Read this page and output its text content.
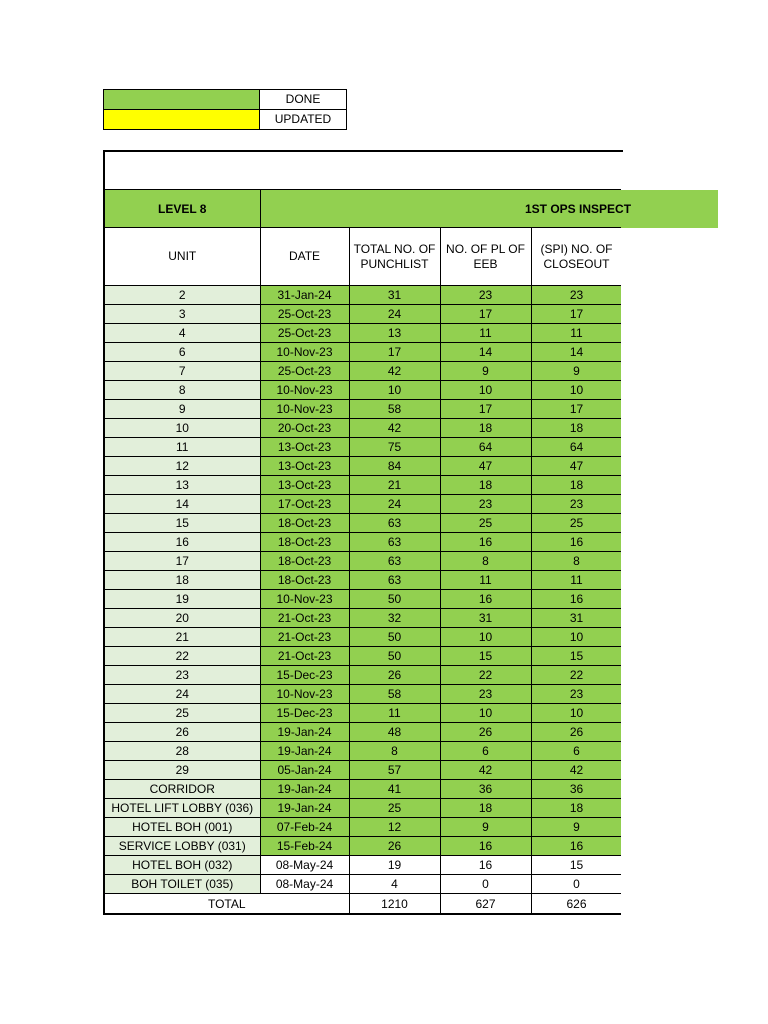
	DONE
	UPDATED
LEVEL 8				
UNIT	DATE	TOTAL NO. OF PUNCHLIST	NO. OF PL OF EEB	(SPI) NO. OF CLOSEOUT
2	31-Jan-24	31	23	23
3	25-Oct-23	24	17	17
4	25-Oct-23	13	11	11
6	10-Nov-23	17	14	14
7	25-Oct-23	42	9	9
8	10-Nov-23	10	10	10
9	10-Nov-23	58	17	17
10	20-Oct-23	42	18	18
11	13-Oct-23	75	64	64
12	13-Oct-23	84	47	47
13	13-Oct-23	21	18	18
14	17-Oct-23	24	23	23
15	18-Oct-23	63	25	25
16	18-Oct-23	63	16	16
17	18-Oct-23	63	8	8
18	18-Oct-23	63	11	11
19	10-Nov-23	50	16	16
20	21-Oct-23	32	31	31
21	21-Oct-23	50	10	10
22	21-Oct-23	50	15	15
23	15-Dec-23	26	22	22
24	10-Nov-23	58	23	23
25	15-Dec-23	11	10	10
26	19-Jan-24	48	26	26
28	19-Jan-24	8	6	6
29	05-Jan-24	57	42	42
CORRIDOR	19-Jan-24	41	36	36
HOTEL LIFT LOBBY (036)	19-Jan-24	25	18	18
HOTEL BOH (001)	07-Feb-24	12	9	9
SERVICE LOBBY (031)	15-Feb-24	26	16	16
HOTEL BOH (032)	08-May-24	19	16	15
BOH TOILET (035)	08-May-24	4	0	0
TOTAL		1210	627	626
1ST OPS INSPECT
